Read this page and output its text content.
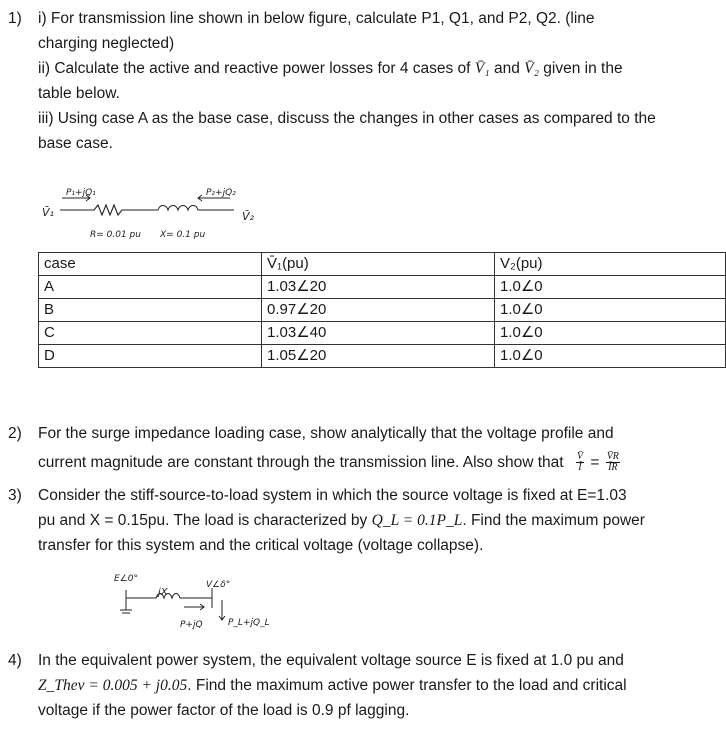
1) i) For transmission line shown in below figure, calculate P1, Q1, and P2, Q2. (line
charging neglected)
ii) Calculate the active and reactive power losses for 4 cases of V̄₁ and V̄₂ given in the
table below.
iii) Using case A as the base case, discuss the changes in other cases as compared to the
base case.
P₁+jQ₁	P₂+jQ₂
V̄₁	V̄₂
R= 0.01 pu X= 0.1 pu
case	V̄₁(pu)	V₂(pu)
A	1.03∠20	1.0∠0
B	0.97∠20	1.0∠0
C	1.03∠40	1.0∠0
D	1.05∠20	1.0∠0
2) For the surge impedance loading case, show analytically that the voltage profile and
current magnitude are constant through the transmission line. Also show that $\frac{V̄}{Ī} = \frac{V̄R}{ĪR}$
3) Consider the stiff-source-to-load system in which the source voltage is fixed at E=1.03
pu and X = 0.15pu. The load is characterized by Q_L = 0.1P_L. Find the maximum power
transfer for this system and the critical voltage (voltage collapse).
E∠0°
jX
V∠δ°
P+jQ	P_L+jQ_L
4) In the equivalent power system, the equivalent voltage source E is fixed at 1.0 pu and
Z_Thev = 0.005 + j0.05. Find the maximum active power transfer to the load and critical
voltage if the power factor of the load is 0.9 pf lagging.
